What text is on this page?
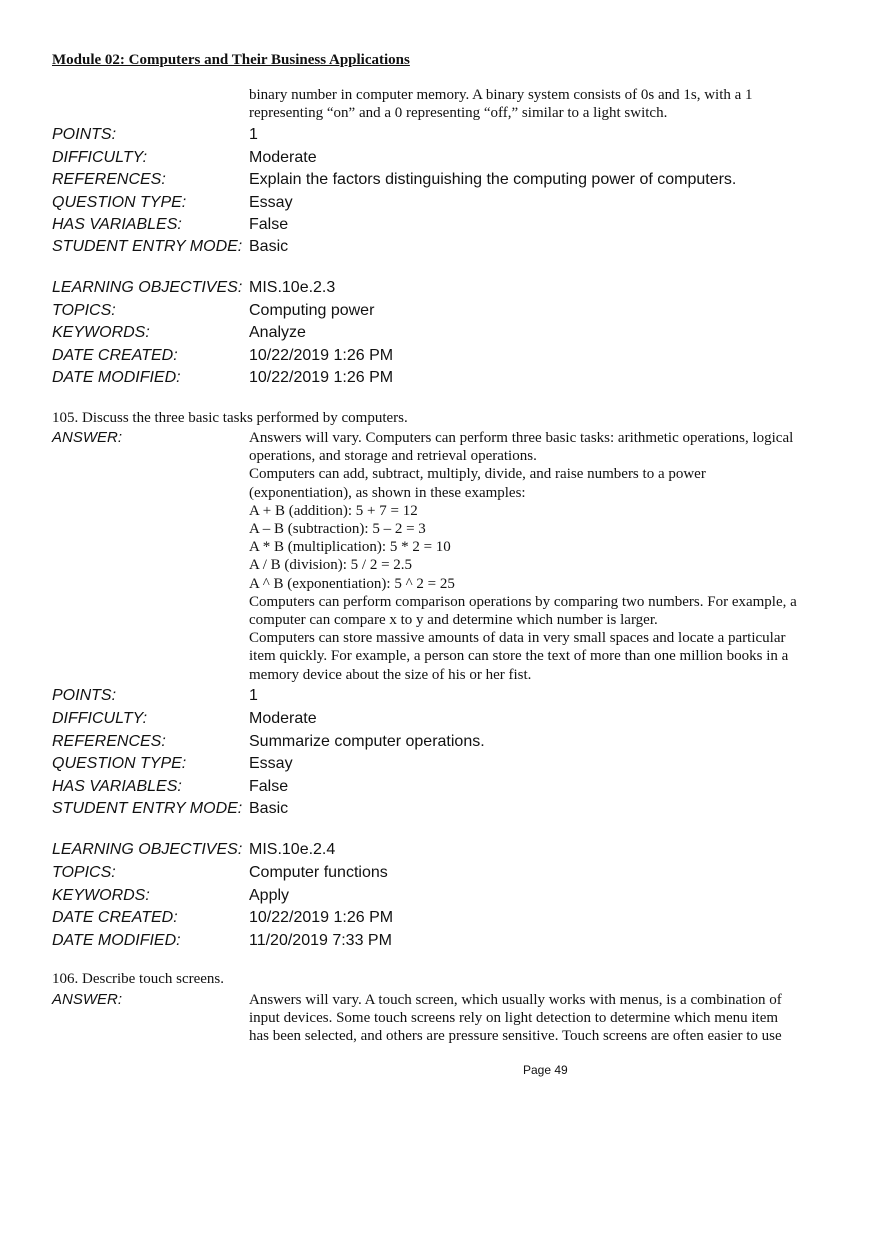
Module 02: Computers and Their Business Applications
binary number in computer memory. A binary system consists of 0s and 1s, with a 1
representing “on” and a 0 representing “off,” similar to a light switch.
POINTS:	1
DIFFICULTY:	Moderate
REFERENCES:	Explain the factors distinguishing the computing power of computers.
QUESTION TYPE:	Essay
HAS VARIABLES:	False
STUDENT ENTRY MODE: Basic
LEARNING OBJECTIVES: MIS.10e.2.3
TOPICS:	Computing power
KEYWORDS:	Analyze
DATE CREATED:	10/22/2019 1:26 PM
DATE MODIFIED:	10/22/2019 1:26 PM
105. Discuss the three basic tasks performed by computers.
ANSWER:	Answers will vary. Computers can perform three basic tasks: arithmetic operations, logical
operations, and storage and retrieval operations.
Computers can add, subtract, multiply, divide, and raise numbers to a power
(exponentiation), as shown in these examples:
A + B (addition): 5 + 7 = 12
A – B (subtraction): 5 – 2 = 3
A * B (multiplication): 5 * 2 = 10
A / B (division): 5 / 2 = 2.5
A ^ B (exponentiation): 5 ^ 2 = 25
Computers can perform comparison operations by comparing two numbers. For example, a
computer can compare x to y and determine which number is larger.
Computers can store massive amounts of data in very small spaces and locate a particular
item quickly. For example, a person can store the text of more than one million books in a
memory device about the size of his or her fist.
POINTS:	1
DIFFICULTY:	Moderate
REFERENCES:	Summarize computer operations.
QUESTION TYPE:	Essay
HAS VARIABLES:	False
STUDENT ENTRY MODE: Basic
LEARNING OBJECTIVES: MIS.10e.2.4
TOPICS:	Computer functions
KEYWORDS:	Apply
DATE CREATED:	10/22/2019 1:26 PM
DATE MODIFIED:	11/20/2019 7:33 PM
106. Describe touch screens.
ANSWER:	Answers will vary. A touch screen, which usually works with menus, is a combination of
input devices. Some touch screens rely on light detection to determine which menu item
has been selected, and others are pressure sensitive. Touch screens are often easier to use
Page 49
